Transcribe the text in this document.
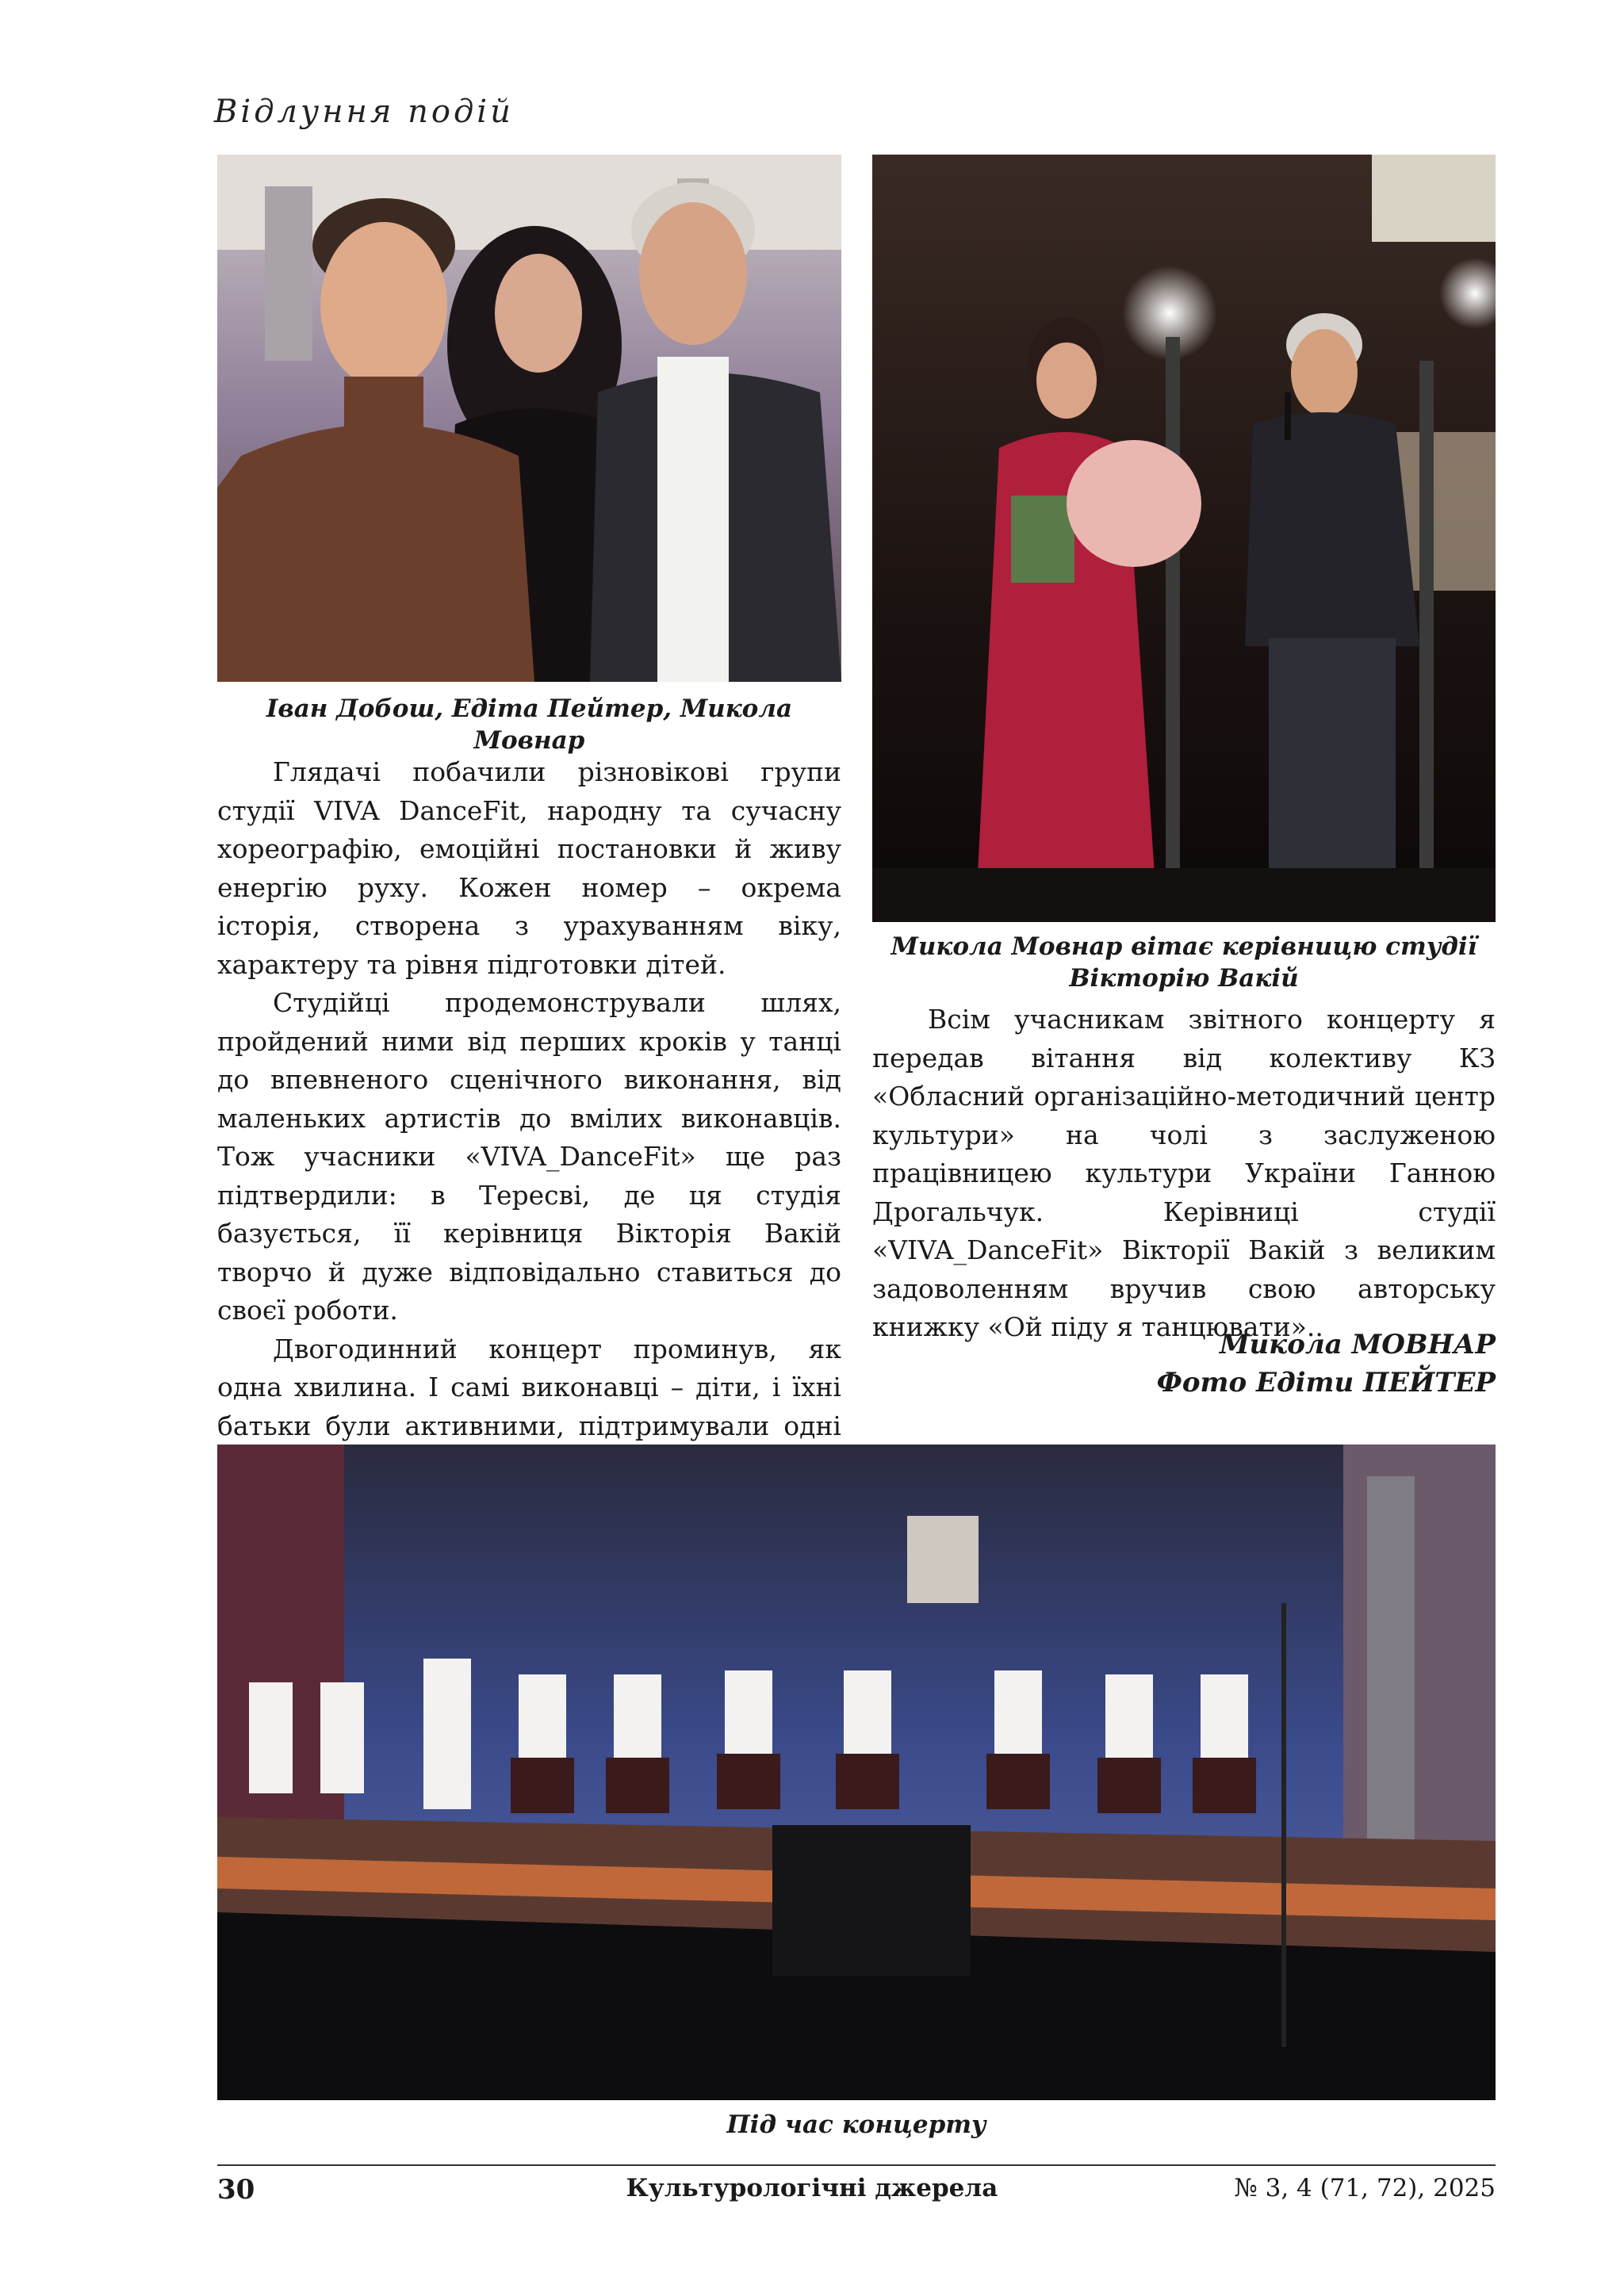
Відлуння подій
Іван Добош, Едіта Пейтер, Микола Мовнар
Микола Мовнар вітає керівницю студії
Вікторію Вакій

Глядачі побачили різновікові групи студії VIVA DanceFit, народну та сучасну хореографію, емоційні постановки й живу енергію руху. Кожен номер – окрема історія, створена з урахуванням віку, характеру та рівня підготовки дітей.

Студійці продемонстрували шлях, пройдений ними від перших кроків у танці до впевненого сценічного виконання, від маленьких артистів до вмілих виконавців. Тож учасники «VIVA_DanceFit» ще раз підтвердили: в Тересві, де ця студія базується, її керівниця Вікторія Вакій творчо й дуже відповідально ставиться до своєї роботи.

Двогодинний концерт проминув, як одна хвилина. І самі виконавці – діти, і їхні батьки були активними, підтримували одні

Всім учасникам звітного концерту я передав вітання від колективу КЗ «Обласний організаційно-методичний центр культури» на чолі з заслуженою працівницею культури України Ганною Дрогальчук. Керівниці студії «VIVA_DanceFit» Вікторії Вакій з великим задоволенням вручив свою авторську книжку «Ой піду я танцювати»..

Микола МОВНАР
Фото Едіти ПЕЙТЕР
Під час концерту
30	Культурологічні джерела	№ 3, 4 (71, 72), 2025
